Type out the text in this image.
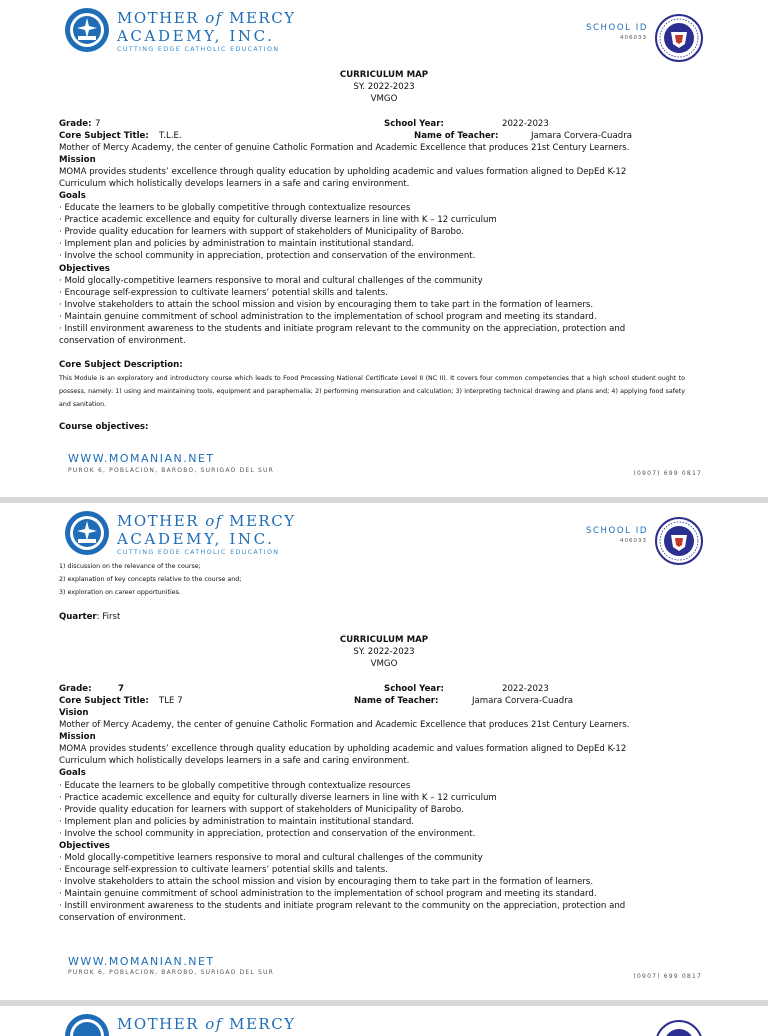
MOTHER of MERCY
ACADEMY, INC.
CUTTING EDGE CATHOLIC EDUCATION
SCHOOL ID
406033
CURRICULUM MAP
SY. 2022-2023
VMGO
Grade: 7	School Year:	2022-2023
Core Subject Title: T.L.E.	Name of Teacher:	Jamara Corvera-Cuadra
Mother of Mercy Academy, the center of genuine Catholic Formation and Academic Excellence that produces 21st Century Learners.
Mission
MOMA provides students’ excellence through quality education by upholding academic and values formation aligned to DepEd K-12
Curriculum which holistically develops learners in a safe and caring environment.
Goals
· Educate the learners to be globally competitive through contextualize resources
· Practice academic excellence and equity for culturally diverse learners in line with K – 12 curriculum
· Provide quality education for learners with support of stakeholders of Municipality of Barobo.
· Implement plan and policies by administration to maintain institutional standard.
· Involve the school community in appreciation, protection and conservation of the environment.
Objectives
· Mold glocally-competitive learners responsive to moral and cultural challenges of the community
· Encourage self-expression to cultivate learners’ potential skills and talents.
· Involve stakeholders to attain the school mission and vision by encouraging them to take part in the formation of learners.
· Maintain genuine commitment of school administration to the implementation of school program and meeting its standard.
· Instill environment awareness to the students and initiate program relevant to the community on the appreciation, protection and
conservation of environment.
Core Subject Description:
This Module is an exploratory and introductory course which leads to Food Processing National Certificate Level II (NC II). It covers four common competencies that a high school student ought to possess, namely: 1) using and maintaining tools, equipment and paraphernalia; 2) performing mensuration and calculation; 3) interpreting technical drawing and plans and; 4) applying food safety and sanitation.
Course objectives:
WWW.MOMANIAN.NET
PUROK 6, POBLACION, BAROBO, SURIGAO DEL SUR	(0907) 699 0817
MOTHER of MERCY
ACADEMY, INC.
CUTTING EDGE CATHOLIC EDUCATION
SCHOOL ID
406033
1) discussion on the relevance of the course;
2) explanation of key concepts relative to the course and;
3) exploration on career opportunities.
Quarter: First
CURRICULUM MAP
SY. 2022-2023
VMGO
Grade:	7	School Year:	2022-2023
Core Subject Title: TLE 7	Name of Teacher:	Jamara Corvera-Cuadra
Vision
Mother of Mercy Academy, the center of genuine Catholic Formation and Academic Excellence that produces 21st Century Learners.
Mission
MOMA provides students’ excellence through quality education by upholding academic and values formation aligned to DepEd K-12
Curriculum which holistically develops learners in a safe and caring environment.
Goals
· Educate the learners to be globally competitive through contextualize resources
· Practice academic excellence and equity for culturally diverse learners in line with K – 12 curriculum
· Provide quality education for learners with support of stakeholders of Municipality of Barobo.
· Implement plan and policies by administration to maintain institutional standard.
· Involve the school community in appreciation, protection and conservation of the environment.
Objectives
· Mold glocally-competitive learners responsive to moral and cultural challenges of the community
· Encourage self-expression to cultivate learners’ potential skills and talents.
· Involve stakeholders to attain the school mission and vision by encouraging them to take part in the formation of learners.
· Maintain genuine commitment of school administration to the implementation of school program and meeting its standard.
· Instill environment awareness to the students and initiate program relevant to the community on the appreciation, protection and
conservation of environment.
WWW.MOMANIAN.NET
PUROK 6, POBLACION, BAROBO, SURIGAO DEL SUR
(0907) 699 0817
MOTHER of MERCY
